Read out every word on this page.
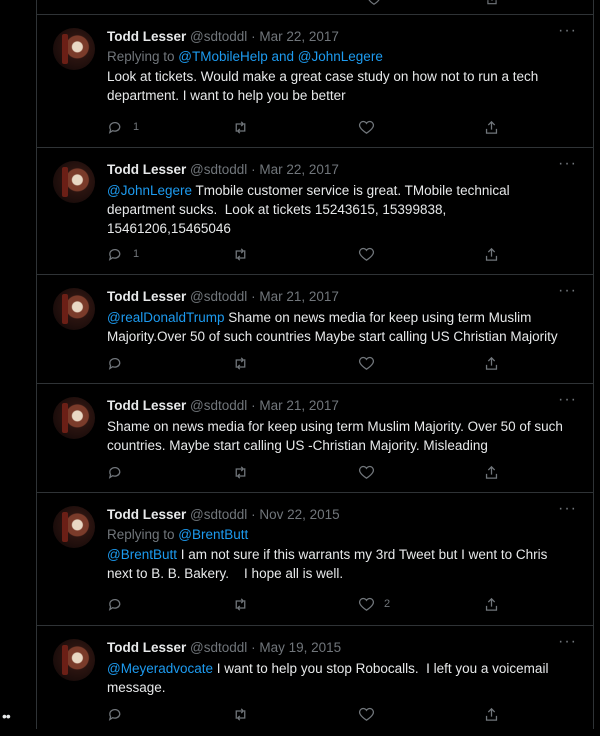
••
Todd Lesser @sdtoddl · Mar 22, 2017	···
Replying to @TMobileHelp and @JohnLegere
Look at tickets. Would make a great case study on how not to run a tech department. I want to help you be better
1
Todd Lesser @sdtoddl · Mar 22, 2017	···
@JohnLegere Tmobile customer service is great. TMobile technical department sucks.  Look at tickets 15243615, 15399838, 15461206,15465046
1
Todd Lesser @sdtoddl · Mar 21, 2017	···
@realDonaldTrump Shame on news media for keep using term Muslim Majority.Over 50 of such countries Maybe start calling US Christian Majority
Todd Lesser @sdtoddl · Mar 21, 2017	···
Shame on news media for keep using term Muslim Majority. Over 50 of such countries. Maybe start calling US -Christian Majority. Misleading
Todd Lesser @sdtoddl · Nov 22, 2015	···
Replying to @BrentButt
@BrentButt I am not sure if this warrants my 3rd Tweet but I went to Chris next to B. B. Bakery.    I hope all is well.
2
Todd Lesser @sdtoddl · May 19, 2015	···
@Meyeradvocate I want to help you stop Robocalls.  I left you a voicemail message.
